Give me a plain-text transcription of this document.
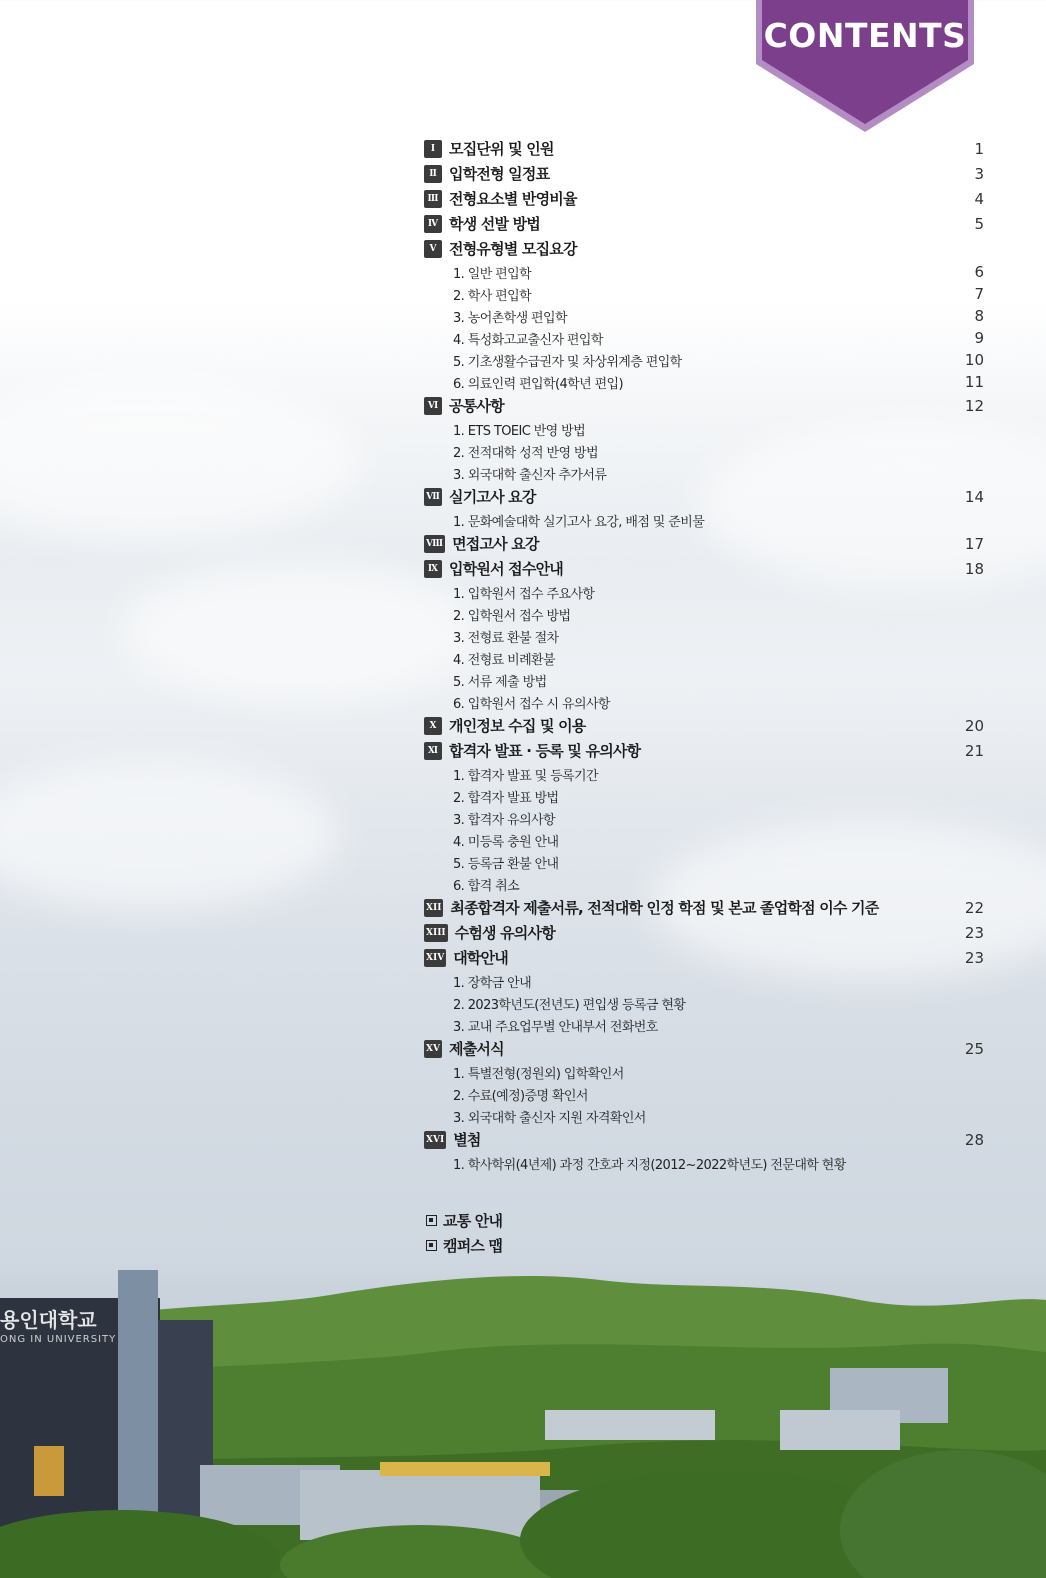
CONTENTS
Ⅰ 모집단위 및 인원	1
Ⅱ 입학전형 일정표	3
Ⅲ 전형요소별 반영비율	4
Ⅳ 학생 선발 방법	5
Ⅴ 전형유형별 모집요강
1. 일반 편입학	6
2. 학사 편입학	7
3. 농어촌학생 편입학	8
4. 특성화고교출신자 편입학	9
5. 기초생활수급권자 및 차상위계층 편입학	10
6. 의료인력 편입학(4학년 편입)	11
Ⅵ 공통사항	12
1. ETS TOEIC 반영 방법
2. 전적대학 성적 반영 방법
3. 외국대학 출신자 추가서류
Ⅶ 실기고사 요강	14
1. 문화예술대학 실기고사 요강, 배점 및 준비물
Ⅷ 면접고사 요강	17
Ⅸ 입학원서 접수안내	18
1. 입학원서 접수 주요사항
2. 입학원서 접수 방법
3. 전형료 환불 절차
4. 전형료 비례환불
5. 서류 제출 방법
6. 입학원서 접수 시 유의사항
Ⅹ 개인정보 수집 및 이용	20
Ⅺ 합격자 발표 · 등록 및 유의사항	21
1. 합격자 발표 및 등록기간
2. 합격자 발표 방법
3. 합격자 유의사항
4. 미등록 충원 안내
5. 등록금 환불 안내
6. 합격 취소
XII 최종합격자 제출서류, 전적대학 인정 학점 및 본교 졸업학점 이수 기준	22
XIII 수험생 유의사항	23
XIV 대학안내	23
1. 장학금 안내
2. 2023학년도(전년도) 편입생 등록금 현황
3. 교내 주요업무별 안내부서 전화번호
XV 제출서식	25
1. 특별전형(정원외) 입학확인서
2. 수료(예정)증명 확인서
3. 외국대학 출신자 지원 자격확인서
XVI 별첨	28
1. 학사학위(4년제) 과정 간호과 지정(2012~2022학년도) 전문대학 현황
교통 안내
캠퍼스 맵
용인대학교
ONG IN UNIVERSITY
